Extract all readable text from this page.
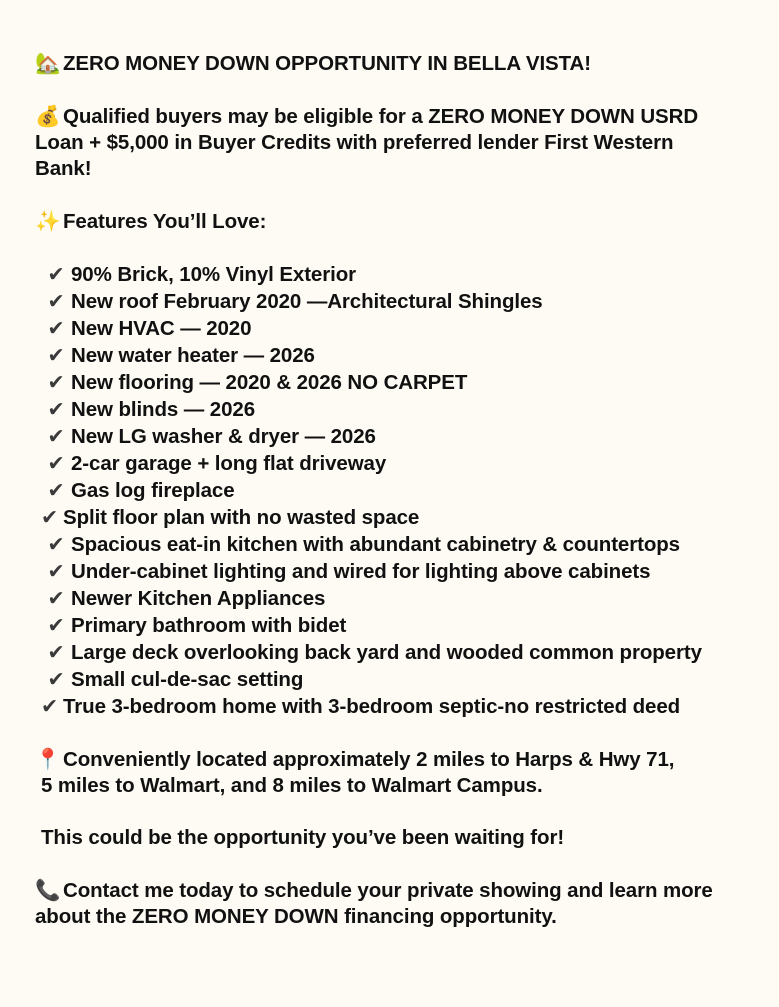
🏡 ZERO MONEY DOWN OPPORTUNITY IN BELLA VISTA!
💰 Qualified buyers may be eligible for a ZERO MONEY DOWN USRD
Loan + $5,000 in Buyer Credits with preferred lender First Western
Bank!
✨ Features You’ll Love:
✔︎ 90% Brick, 10% Vinyl Exterior
✔︎ New roof February 2020 —Architectural Shingles
✔︎ New HVAC — 2020
✔︎ New water heater — 2026
✔︎ New flooring — 2020 & 2026 NO CARPET
✔︎ New blinds — 2026
✔︎ New LG washer & dryer — 2026
✔︎ 2-car garage + long flat driveway
✔︎ Gas log fireplace
✔︎ Split floor plan with no wasted space
✔︎ Spacious eat-in kitchen with abundant cabinetry & countertops
✔︎ Under-cabinet lighting and wired for lighting above cabinets
✔︎ Newer Kitchen Appliances
✔︎ Primary bathroom with bidet
✔︎ Large deck overlooking back yard and wooded common property
✔︎ Small cul-de-sac setting
✔︎ True 3-bedroom home with 3-bedroom septic-no restricted deed
📍 Conveniently located approximately 2 miles to Harps & Hwy 71,
5 miles to Walmart, and 8 miles to Walmart Campus.
This could be the opportunity you’ve been waiting for!
📞 Contact me today to schedule your private showing and learn more
about the ZERO MONEY DOWN financing opportunity.
